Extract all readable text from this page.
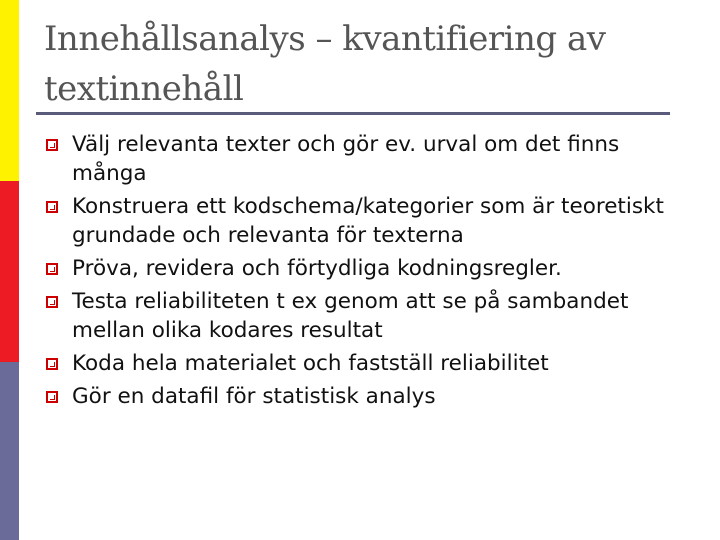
Innehållsanalys – kvantifiering av textinnehåll
Välj relevanta texter och gör ev. urval om det finns många
Konstruera ett kodschema/kategorier som är teoretiskt grundade och relevanta för texterna
Pröva, revidera och förtydliga kodningsregler.
Testa reliabiliteten t ex genom att se på sambandet mellan olika kodares resultat
Koda hela materialet och fastställ reliabilitet
Gör en datafil för statistisk analys
